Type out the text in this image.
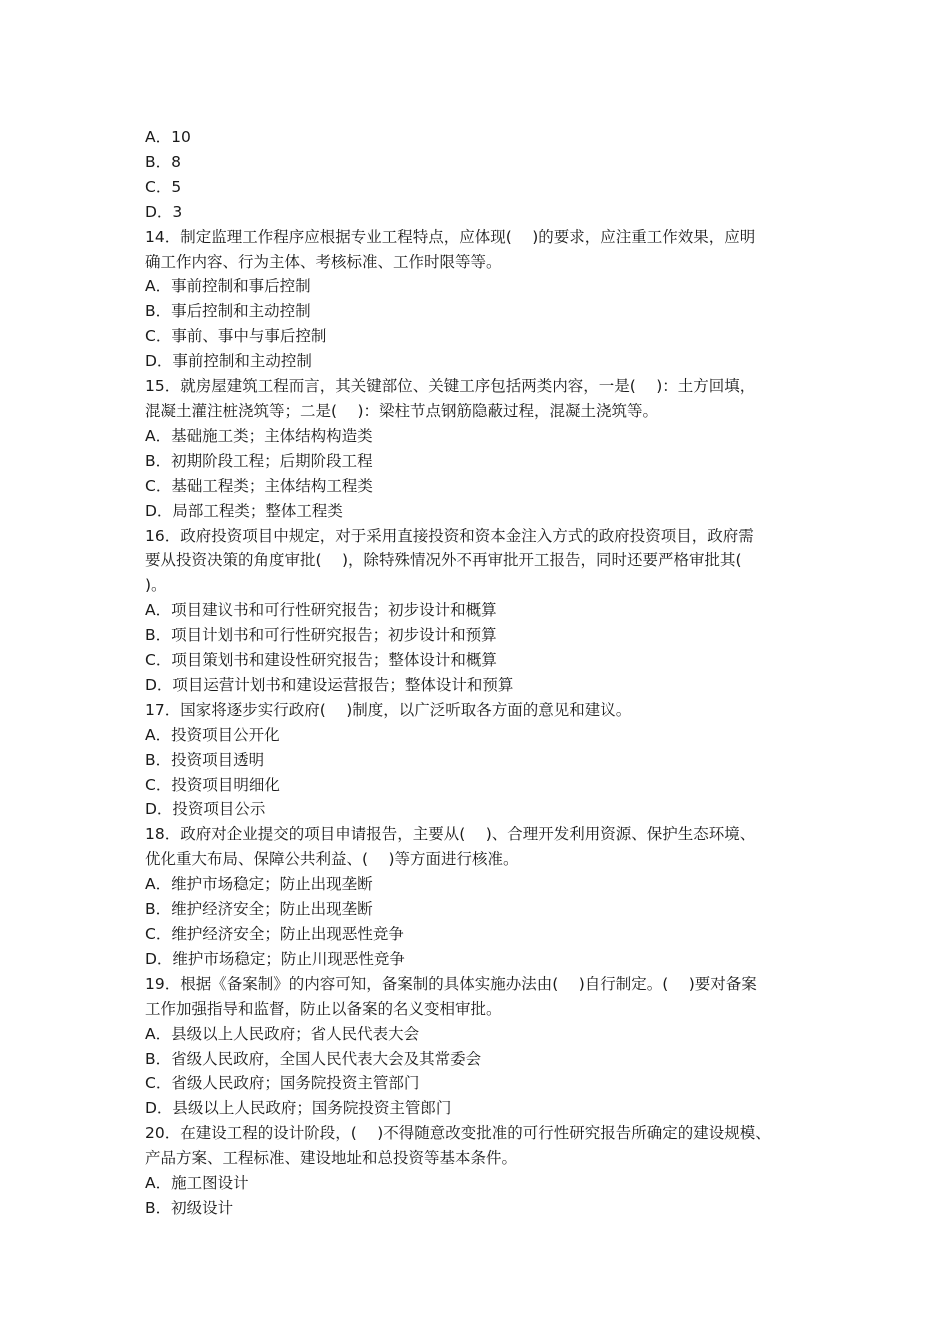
A．10

B．8

C．5

D．3

14．制定监理工作程序应根据专业工程特点，应体现(　 )的要求，应注重工作效果，应明

确工作内容、行为主体、考核标准、工作时限等等。

A．事前控制和事后控制

B．事后控制和主动控制

C．事前、事中与事后控制

D．事前控制和主动控制

15．就房屋建筑工程而言，其关键部位、关键工序包括两类内容，一是(　 )：土方回填，

混凝土灌注桩浇筑等；二是(　 )：梁柱节点钢筋隐蔽过程，混凝土浇筑等。

A．基础施工类；主体结构构造类

B．初期阶段工程；后期阶段工程

C．基础工程类；主体结构工程类

D．局部工程类；整体工程类

16．政府投资项目中规定，对于采用直接投资和资本金注入方式的政府投资项目，政府需

要从投资决策的角度审批(　 )，除特殊情况外不再审批开工报告，同时还要严格审批其(

)。

A．项目建议书和可行性研究报告；初步设计和概算

B．项目计划书和可行性研究报告；初步设计和预算

C．项目策划书和建设性研究报告；整体设计和概算

D．项目运营计划书和建设运营报告；整体设计和预算

17．国家将逐步实行政府(　 )制度，以广泛听取各方面的意见和建议。

A．投资项目公开化

B．投资项目透明

C．投资项目明细化

D．投资项目公示

18．政府对企业提交的项目申请报告，主要从(　 )、合理开发利用资源、保护生态环境、

优化重大布局、保障公共利益、(　 )等方面进行核准。

A．维护市场稳定；防止出现垄断

B．维护经济安全；防止出现垄断

C．维护经济安全；防止出现恶性竞争

D．维护市场稳定；防止川现恶性竞争

19．根据《备案制》的内容可知，备案制的具体实施办法由(　 )自行制定。(　 )要对备案

工作加强指导和监督，防止以备案的名义变相审批。

A．县级以上人民政府；省人民代表大会

B．省级人民政府，全国人民代表大会及其常委会

C．省级人民政府；国务院投资主管部门

D．县级以上人民政府；国务院投资主管郎门

20．在建设工程的设计阶段，(　 )不得随意改变批准的可行性研究报告所确定的建设规模、

产品方案、工程标准、建设地址和总投资等基本条件。

A．施工图设计

B．初级设计
